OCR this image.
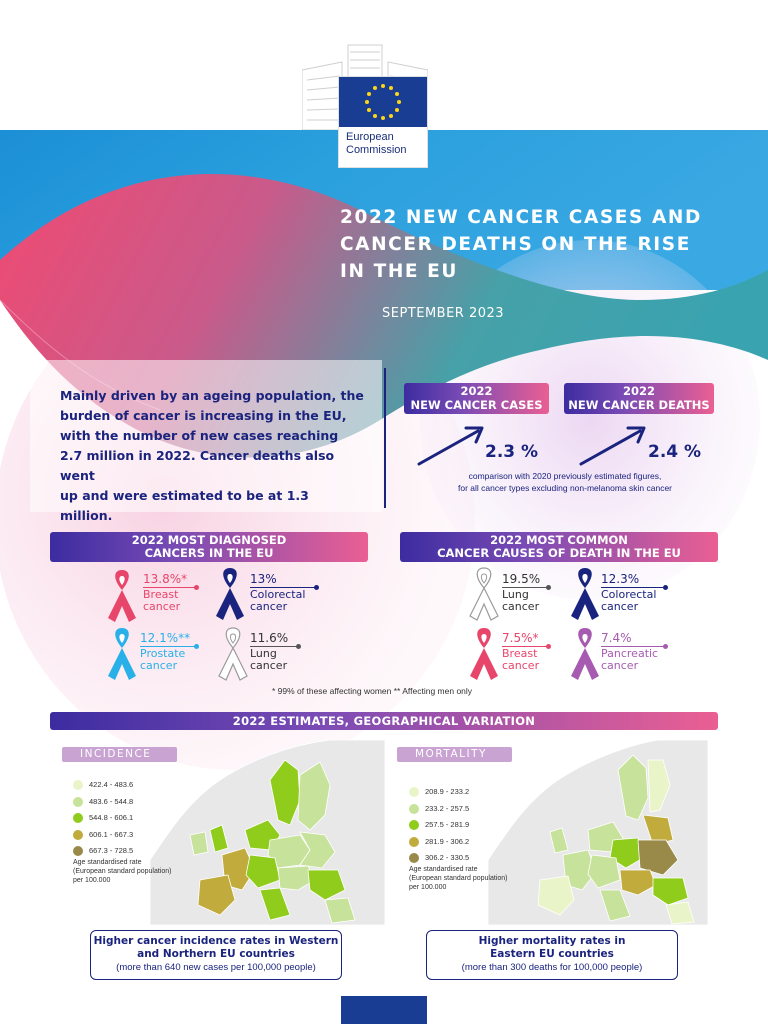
European
Commission
2022 NEW CANCER CASES AND
CANCER DEATHS ON THE RISE
IN THE EU
SEPTEMBER 2023
Mainly driven by an ageing population, the
burden of cancer is increasing in the EU,
with the number of new cases reaching
2.7 million in 2022. Cancer deaths also went
up and were estimated to be at 1.3 million.
2022
NEW CANCER CASES
2022
NEW CANCER DEATHS
2.3 %	2.4 %
comparison with 2020 previously estimated figures,
for all cancer types excluding non-melanoma skin cancer
2022 MOST DIAGNOSED
CANCERS IN THE EU
2022 MOST COMMON
CANCER CAUSES OF DEATH IN THE EU
13.8%*
Breast
cancer
13%
Colorectal
cancer
12.1%**
Prostate
cancer
11.6%
Lung
cancer
19.5%
Lung
cancer
12.3%
Colorectal
cancer
7.5%*
Breast
cancer
7.4%
Pancreatic
cancer
* 99% of these affecting women ** Affecting men only
2022 ESTIMATES, GEOGRAPHICAL VARIATION
INCIDENCE	MORTALITY
422.4 - 483.6
483.6 - 544.8
544.8 - 606.1
606.1 - 667.3
667.3 - 728.5
208.9 - 233.2
233.2 - 257.5
257.5 - 281.9
281.9 - 306.2
306.2 - 330.5
Age standardised rate
(European standard population)
per 100.000
Age standardised rate
(European standard population)
per 100.000
Higher cancer incidence rates in Western
and Northern EU countries
(more than 640 new cases per 100,000 people)
Higher mortality rates in
Eastern EU countries
(more than 300 deaths for 100,000 people)
